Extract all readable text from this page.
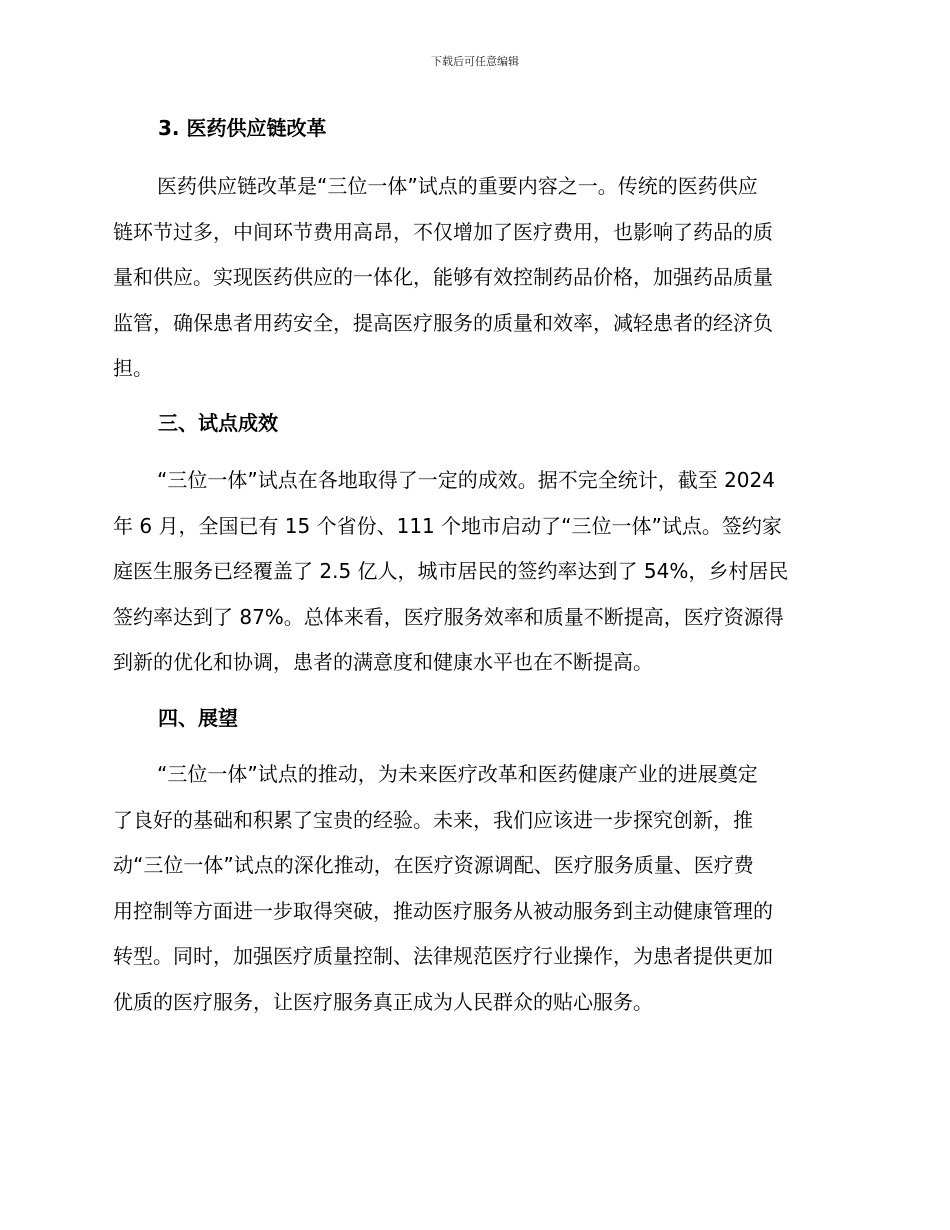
下载后可任意编辑
3. 医药供应链改革
医药供应链改革是“三位一体”试点的重要内容之一。传统的医药供应
链环节过多，中间环节费用高昂，不仅增加了医疗费用，也影响了药品的质
量和供应。实现医药供应的一体化，能够有效控制药品价格，加强药品质量
监管，确保患者用药安全，提高医疗服务的质量和效率，减轻患者的经济负
担。
三、试点成效
“三位一体”试点在各地取得了一定的成效。据不完全统计，截至 2024
年 6 月，全国已有 15 个省份、111 个地市启动了“三位一体”试点。签约家
庭医生服务已经覆盖了 2.5 亿人，城市居民的签约率达到了 54%，乡村居民
签约率达到了 87%。总体来看，医疗服务效率和质量不断提高，医疗资源得
到新的优化和协调，患者的满意度和健康水平也在不断提高。
四、展望
“三位一体”试点的推动，为未来医疗改革和医药健康产业的进展奠定
了良好的基础和积累了宝贵的经验。未来，我们应该进一步探究创新，推
动“三位一体”试点的深化推动，在医疗资源调配、医疗服务质量、医疗费
用控制等方面进一步取得突破，推动医疗服务从被动服务到主动健康管理的
转型。同时，加强医疗质量控制、法律规范医疗行业操作，为患者提供更加
优质的医疗服务，让医疗服务真正成为人民群众的贴心服务。
